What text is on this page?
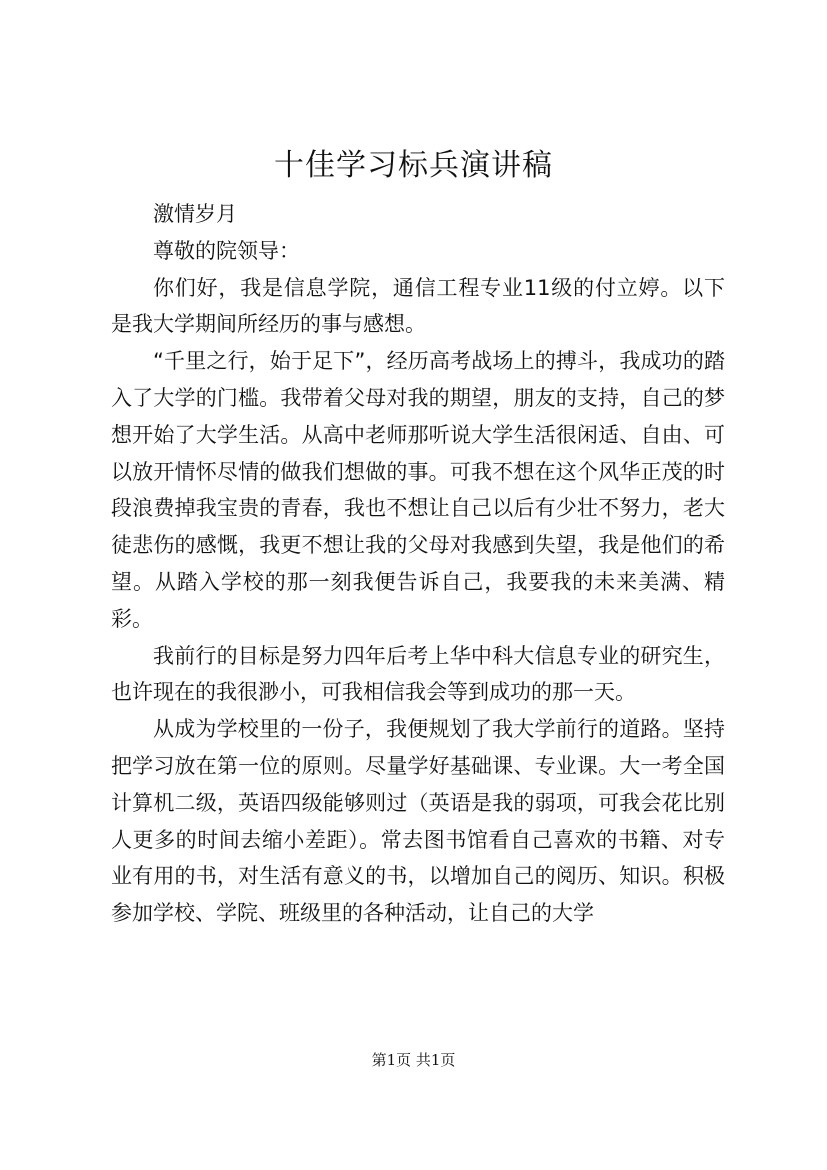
十佳学习标兵演讲稿

激情岁月

尊敬的院领导：

你们好，我是信息学院，通信工程专业11级的付立婷。以下是我大学期间所经历的事与感想。

“千里之行，始于足下”，经历高考战场上的搏斗，我成功的踏入了大学的门槛。我带着父母对我的期望，朋友的支持，自己的梦想开始了大学生活。从高中老师那听说大学生活很闲适、自由、可以放开情怀尽情的做我们想做的事。可我不想在这个风华正茂的时段浪费掉我宝贵的青春，我也不想让自己以后有少壮不努力，老大徒悲伤的感慨，我更不想让我的父母对我感到失望，我是他们的希望。从踏入学校的那一刻我便告诉自己，我要我的未来美满、精彩。

我前行的目标是努力四年后考上华中科大信息专业的研究生，也许现在的我很渺小，可我相信我会等到成功的那一天。

从成为学校里的一份子，我便规划了我大学前行的道路。坚持把学习放在第一位的原则。尽量学好基础课、专业课。大一考全国计算机二级，英语四级能够则过（英语是我的弱项，可我会花比别人更多的时间去缩小差距）。常去图书馆看自己喜欢的书籍、对专业有用的书，对生活有意义的书，以增加自己的阅历、知识。积极参加学校、学院、班级里的各种活动，让自己的大学

第1页 共1页
